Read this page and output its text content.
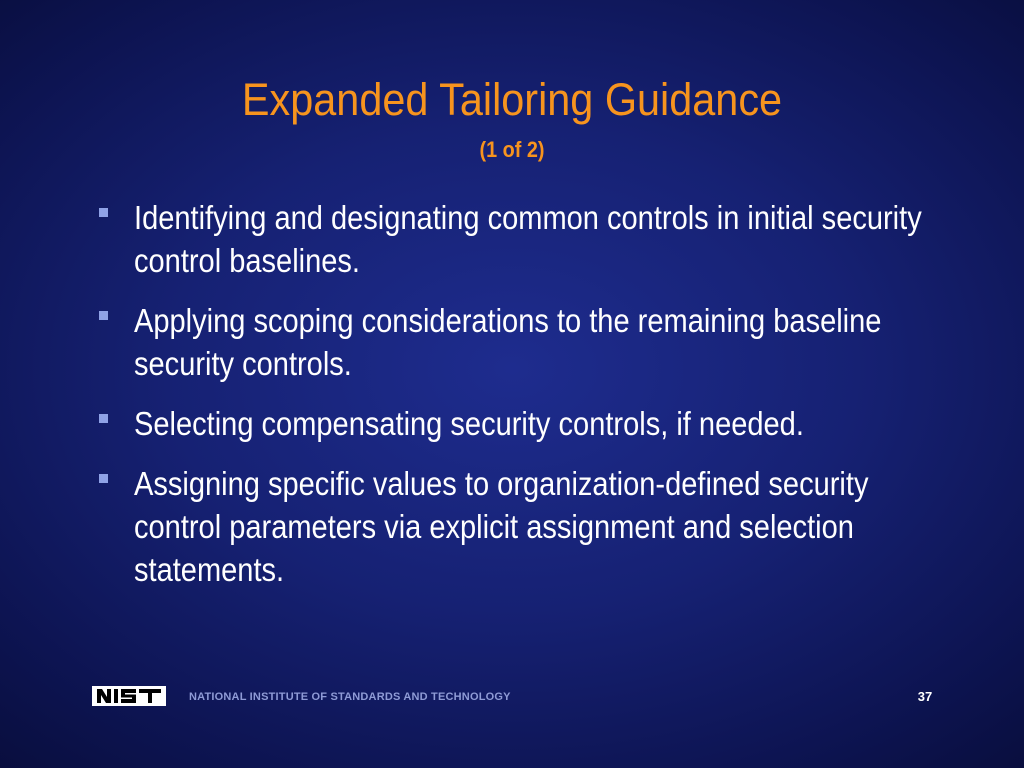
Expanded Tailoring Guidance
(1 of 2)
Identifying and designating common controls in initial security control baselines.
Applying scoping considerations to the remaining baseline security controls.
Selecting compensating security controls, if needed.
Assigning specific values to organization-defined security control parameters via explicit assignment and selection statements.
NATIONAL INSTITUTE OF STANDARDS AND TECHNOLOGY	37
